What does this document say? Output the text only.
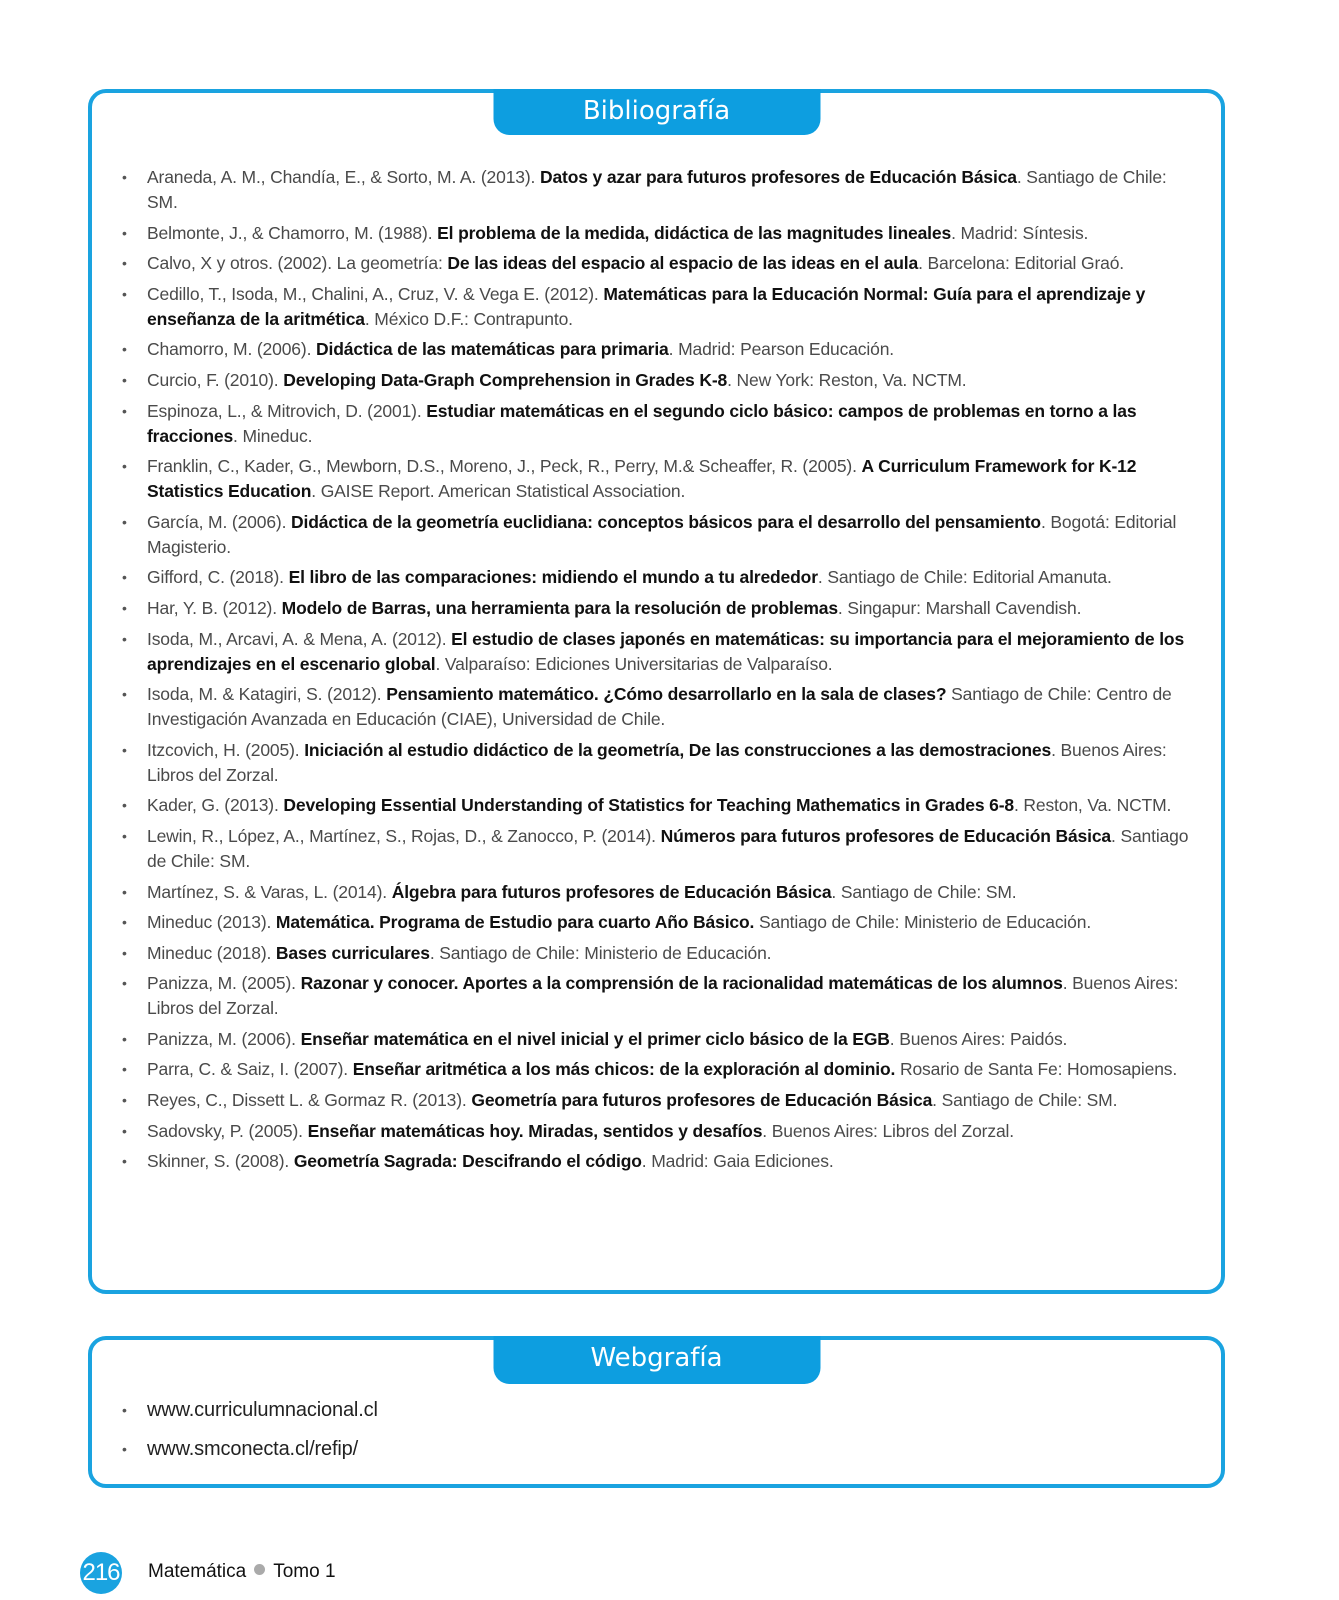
Bibliografía
• Araneda, A. M., Chandía, E., & Sorto, M. A. (2013). Datos y azar para futuros profesores de Educación Básica. Santiago de Chile: SM.
• Belmonte, J., & Chamorro, M. (1988). El problema de la medida, didáctica de las magnitudes lineales. Madrid: Síntesis.
• Calvo, X y otros. (2002). La geometría: De las ideas del espacio al espacio de las ideas en el aula. Barcelona: Editorial Graó.
• Cedillo, T., Isoda, M., Chalini, A., Cruz, V. & Vega E. (2012). Matemáticas para la Educación Normal: Guía para el aprendizaje y enseñanza de la aritmética. México D.F.: Contrapunto.
• Chamorro, M. (2006). Didáctica de las matemáticas para primaria. Madrid: Pearson Educación.
• Curcio, F. (2010). Developing Data-Graph Comprehension in Grades K-8. New York: Reston, Va. NCTM.
• Espinoza, L., & Mitrovich, D. (2001). Estudiar matemáticas en el segundo ciclo básico: campos de problemas en torno a las fracciones. Mineduc.
• Franklin, C., Kader, G., Mewborn, D.S., Moreno, J., Peck, R., Perry, M.& Scheaffer, R. (2005). A Curriculum Framework for K-12 Statistics Education. GAISE Report. American Statistical Association.
• García, M. (2006). Didáctica de la geometría euclidiana: conceptos básicos para el desarrollo del pensamiento. Bogotá: Editorial Magisterio.
• Gifford, C. (2018). El libro de las comparaciones: midiendo el mundo a tu alrededor. Santiago de Chile: Editorial Amanuta.
• Har, Y. B. (2012). Modelo de Barras, una herramienta para la resolución de problemas. Singapur: Marshall Cavendish.
• Isoda, M., Arcavi, A. & Mena, A. (2012). El estudio de clases japonés en matemáticas: su importancia para el mejoramiento de los aprendizajes en el escenario global. Valparaíso: Ediciones Universitarias de Valparaíso.
• Isoda, M. & Katagiri, S. (2012). Pensamiento matemático. ¿Cómo desarrollarlo en la sala de clases? Santiago de Chile: Centro de Investigación Avanzada en Educación (CIAE), Universidad de Chile.
• Itzcovich, H. (2005). Iniciación al estudio didáctico de la geometría, De las construcciones a las demostraciones. Buenos Aires: Libros del Zorzal.
• Kader, G. (2013). Developing Essential Understanding of Statistics for Teaching Mathematics in Grades 6-8. Reston, Va. NCTM.
• Lewin, R., López, A., Martínez, S., Rojas, D., & Zanocco, P. (2014). Números para futuros profesores de Educación Básica. Santiago de Chile: SM.
• Martínez, S. & Varas, L. (2014). Álgebra para futuros profesores de Educación Básica. Santiago de Chile: SM.
• Mineduc (2013). Matemática. Programa de Estudio para cuarto Año Básico. Santiago de Chile: Ministerio de Educación.
• Mineduc (2018). Bases curriculares. Santiago de Chile: Ministerio de Educación.
• Panizza, M. (2005). Razonar y conocer. Aportes a la comprensión de la racionalidad matemáticas de los alumnos. Buenos Aires: Libros del Zorzal.
• Panizza, M. (2006). Enseñar matemática en el nivel inicial y el primer ciclo básico de la EGB. Buenos Aires: Paidós.
• Parra, C. & Saiz, I. (2007). Enseñar aritmética a los más chicos: de la exploración al dominio. Rosario de Santa Fe: Homosapiens.
• Reyes, C., Dissett L. & Gormaz R. (2013). Geometría para futuros profesores de Educación Básica. Santiago de Chile: SM.
• Sadovsky, P. (2005). Enseñar matemáticas hoy. Miradas, sentidos y desafíos. Buenos Aires: Libros del Zorzal.
• Skinner, S. (2008). Geometría Sagrada: Descifrando el código. Madrid: Gaia Ediciones.
Webgrafía
• www.curriculumnacional.cl
• www.smconecta.cl/refip/
216 Matemática Tomo 1
